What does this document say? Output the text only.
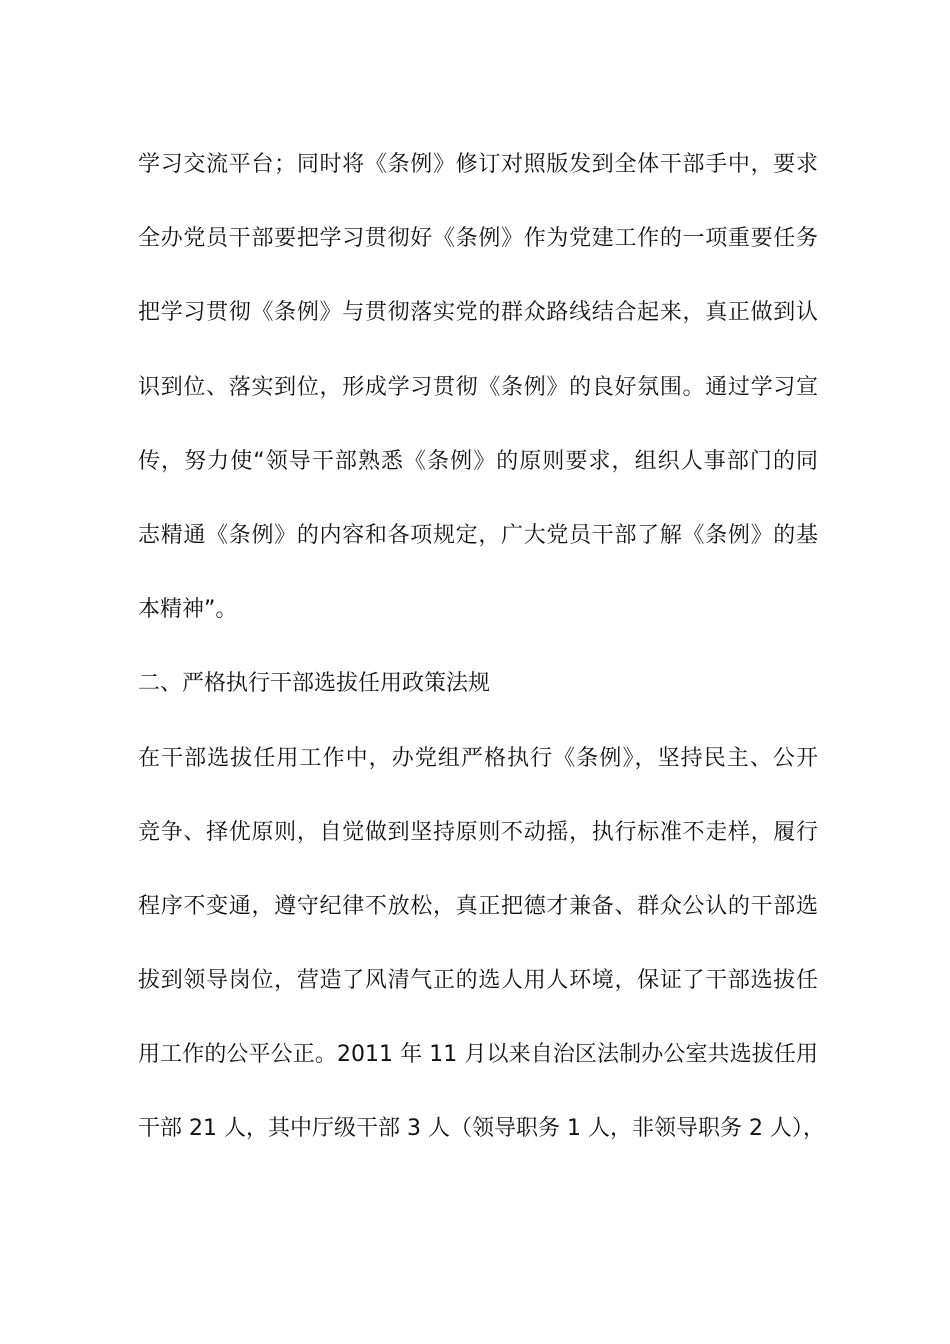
学习交流平台；同时将《条例》修订对照版发到全体干部手中，要求
全办党员干部要把学习贯彻好《条例》作为党建工作的一项重要任务
把学习贯彻《条例》与贯彻落实党的群众路线结合起来，真正做到认
识到位、落实到位，形成学习贯彻《条例》的良好氛围。通过学习宣
传，努力使“领导干部熟悉《条例》的原则要求，组织人事部门的同
志精通《条例》的内容和各项规定，广大党员干部了解《条例》的基
本精神”。
二、严格执行干部选拔任用政策法规
在干部选拔任用工作中，办党组严格执行《条例》，坚持民主、公开
竞争、择优原则，自觉做到坚持原则不动摇，执行标准不走样，履行
程序不变通，遵守纪律不放松，真正把德才兼备、群众公认的干部选
拔到领导岗位，营造了风清气正的选人用人环境，保证了干部选拔任
用工作的公平公正。2011 年 11 月以来自治区法制办公室共选拔任用
干部 21 人，其中厅级干部 3 人（领导职务 1 人，非领导职务 2 人），
